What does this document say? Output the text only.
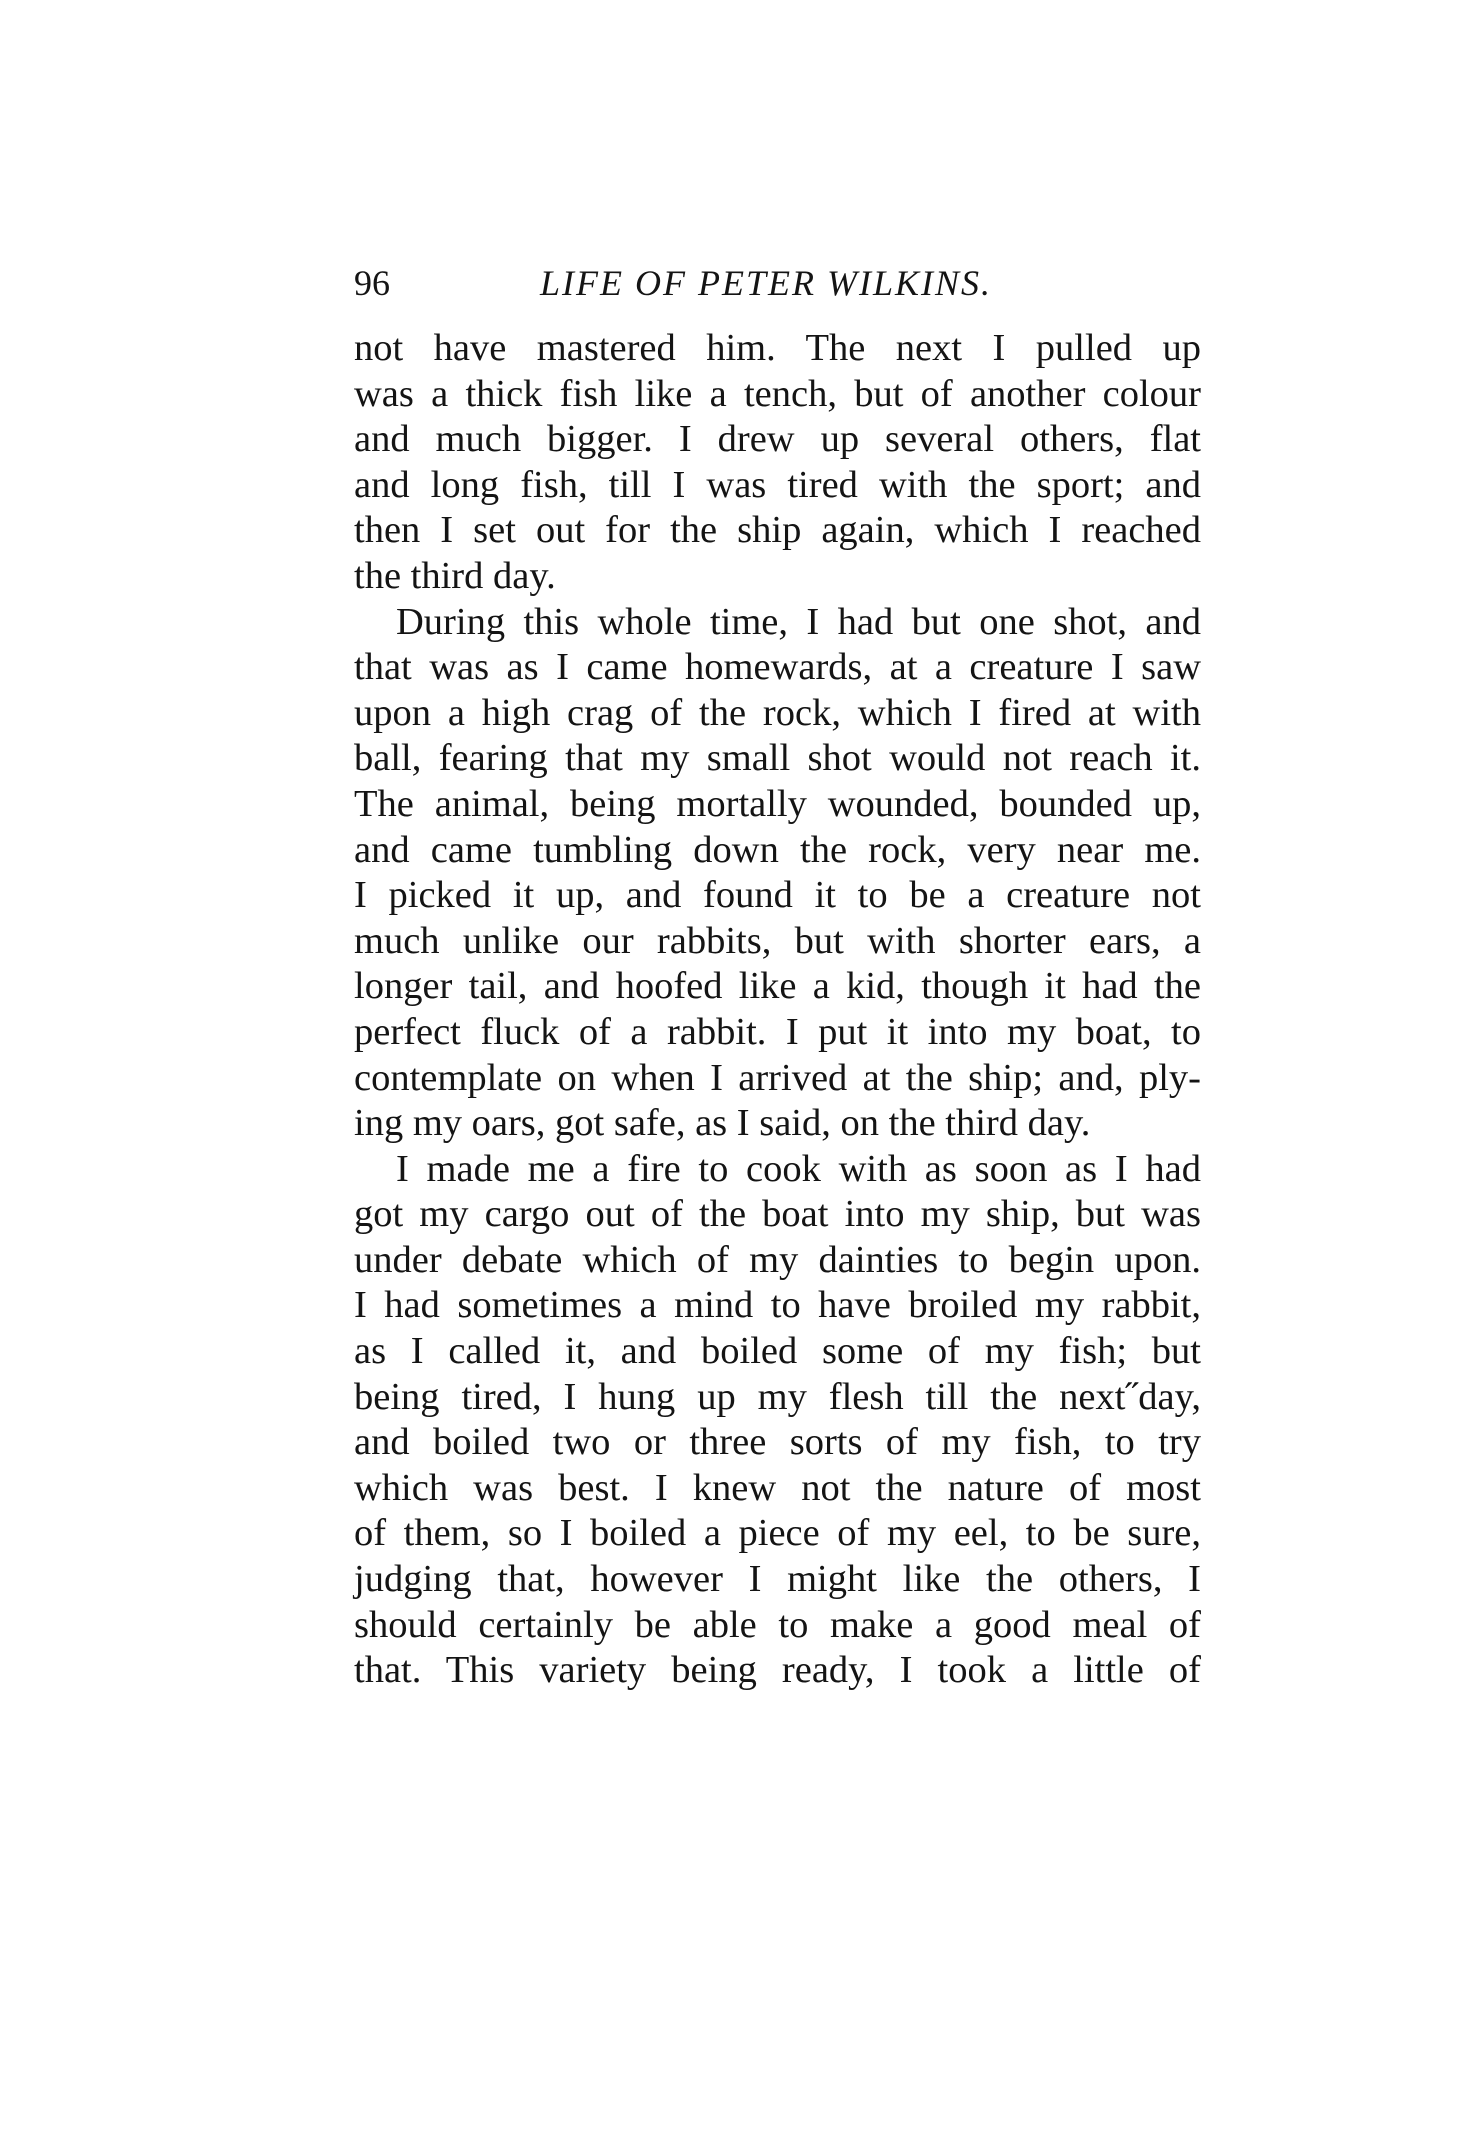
96	LIFE OF PETER WILKINS.
not have mastered him. The next I pulled up
was a thick fish like a tench, but of another colour
and much bigger. I drew up several others, flat
and long fish, till I was tired with the sport; and
then I set out for the ship again, which I reached
the third day.
During this whole time, I had but one shot, and
that was as I came homewards, at a creature I saw
upon a high crag of the rock, which I fired at with
ball, fearing that my small shot would not reach it.
The animal, being mortally wounded, bounded up,
and came tumbling down the rock, very near me.
I picked it up, and found it to be a creature not
much unlike our rabbits, but with shorter ears, a
longer tail, and hoofed like a kid, though it had the
perfect fluck of a rabbit. I put it into my boat, to
contemplate on when I arrived at the ship; and, ply-
ing my oars, got safe, as I said, on the third day.
I made me a fire to cook with as soon as I had
got my cargo out of the boat into my ship, but was
under debate which of my dainties to begin upon.
I had sometimes a mind to have broiled my rabbit,
as I called it, and boiled some of my fish; but
being tired, I hung up my flesh till the next˝day,
and boiled two or three sorts of my fish, to try
which was best. I knew not the nature of most
of them, so I boiled a piece of my eel, to be sure,
judging that, however I might like the others, I
should certainly be able to make a good meal of
that. This variety being ready, I took a little of
